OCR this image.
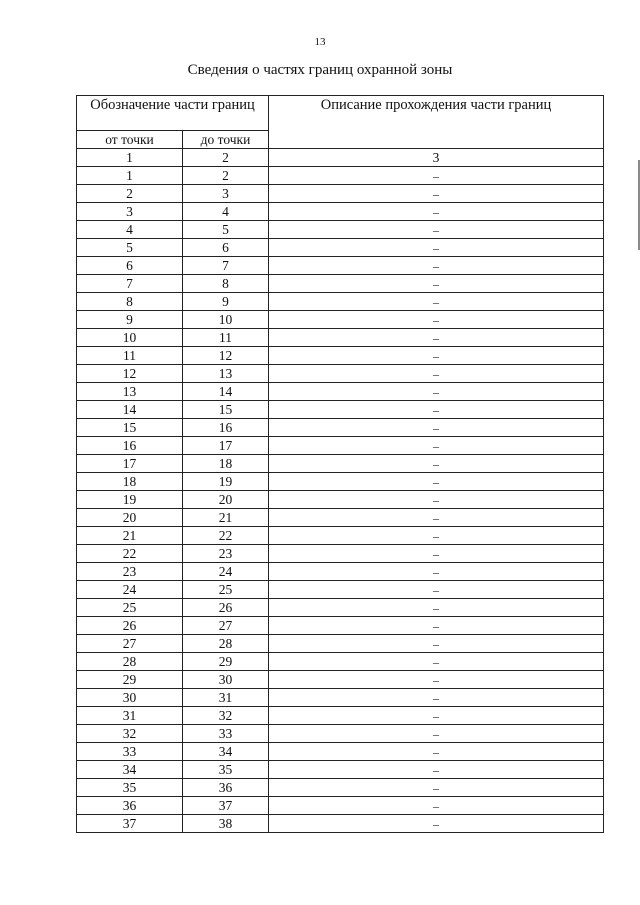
13
Сведения о частях границ охранной зоны
Обозначение части границ		Описание прохождения части границ
от точки	до точки	
1	2	3
1	2	–
2	3	–
3	4	–
4	5	–
5	6	–
6	7	–
7	8	–
8	9	–
9	10	–
10	11	–
11	12	–
12	13	–
13	14	–
14	15	–
15	16	–
16	17	–
17	18	–
18	19	–
19	20	–
20	21	–
21	22	–
22	23	–
23	24	–
24	25	–
25	26	–
26	27	–
27	28	–
28	29	–
29	30	–
30	31	–
31	32	–
32	33	–
33	34	–
34	35	–
35	36	–
36	37	–
37	38	–
